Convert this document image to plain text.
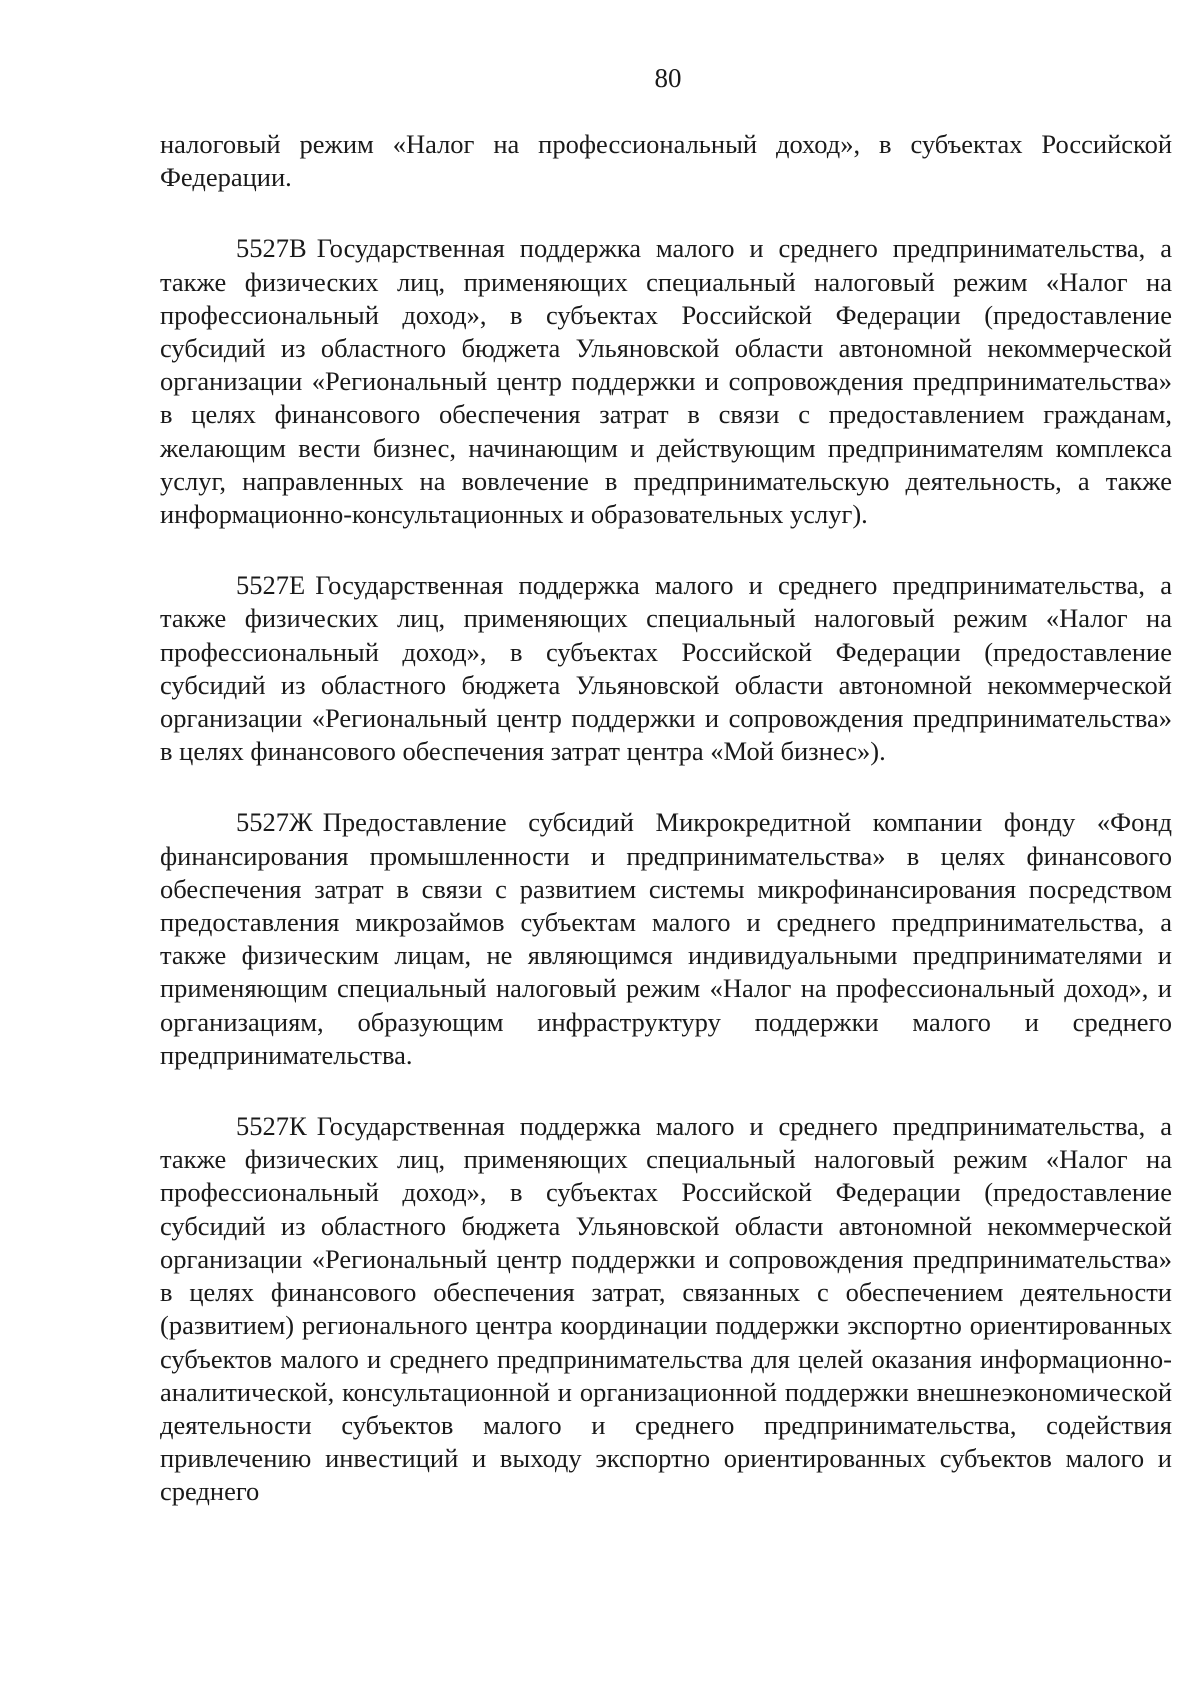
80

налоговый режим «Налог на профессиональный доход», в субъектах Российской Федерации.

5527В Государственная поддержка малого и среднего предпринимательства, а также физических лиц, применяющих специальный налоговый режим «Налог на профессиональный доход», в субъектах Российской Федерации (предоставление субсидий из областного бюджета Ульяновской области автономной некоммерческой организации «Региональный центр поддержки и сопровождения предпринимательства» в целях финансового обеспечения затрат в связи с предоставлением гражданам, желающим вести бизнес, начинающим и действующим предпринимателям комплекса услуг, направленных на вовлечение в предпринимательскую деятельность, а также информационно-консультационных и образовательных услуг).

5527Е Государственная поддержка малого и среднего предпринимательства, а также физических лиц, применяющих специальный налоговый режим «Налог на профессиональный доход», в субъектах Российской Федерации (предоставление субсидий из областного бюджета Ульяновской области автономной некоммерческой организации «Региональный центр поддержки и сопровождения предпринимательства» в целях финансового обеспечения затрат центра «Мой бизнес»).

5527Ж Предоставление субсидий Микрокредитной компании фонду «Фонд финансирования промышленности и предпринимательства» в целях финансового обеспечения затрат в связи с развитием системы микрофинансирования посредством предоставления микрозаймов субъектам малого и среднего предпринимательства, а также физическим лицам, не являющимся индивидуальными предпринимателями и применяющим специальный налоговый режим «Налог на профессиональный доход», и организациям, образующим инфраструктуру поддержки малого и среднего предпринимательства.

5527К Государственная поддержка малого и среднего предпринимательства, а также физических лиц, применяющих специальный налоговый режим «Налог на профессиональный доход», в субъектах Российской Федерации (предоставление субсидий из областного бюджета Ульяновской области автономной некоммерческой организации «Региональный центр поддержки и сопровождения предпринимательства» в целях финансового обеспечения затрат, связанных с обеспечением деятельности (развитием) регионального центра координации поддержки экспортно ориентированных субъектов малого и среднего предпринимательства для целей оказания информационно-аналитической, консультационной и организационной поддержки внешнеэкономической деятельности субъектов малого и среднего предпринимательства, содействия привлечению инвестиций и выходу экспортно ориентированных субъектов малого и среднего
